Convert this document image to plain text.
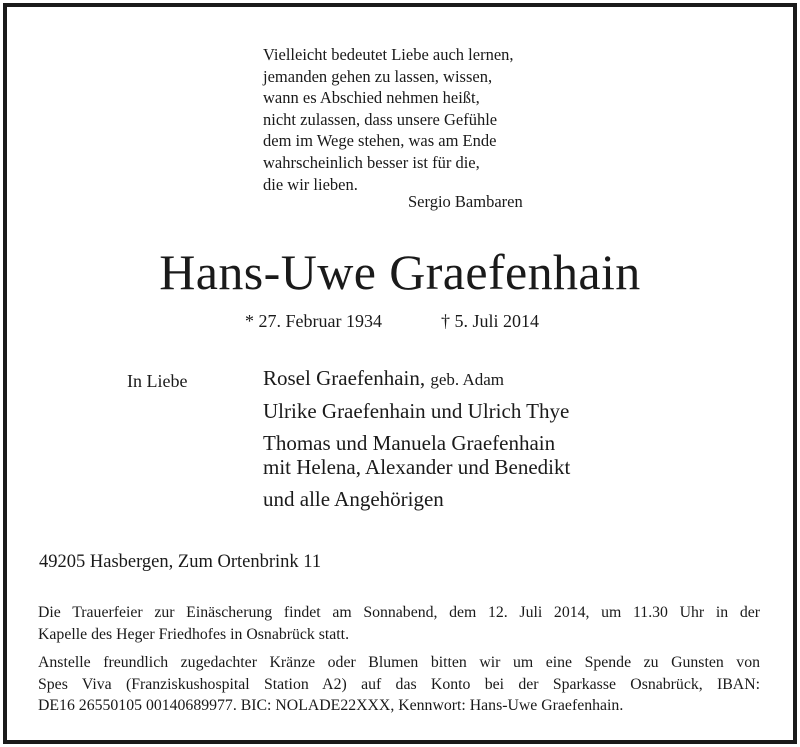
Vielleicht bedeutet Liebe auch lernen,
jemanden gehen zu lassen, wissen,
wann es Abschied nehmen heißt,
nicht zulassen, dass unsere Gefühle
dem im Wege stehen, was am Ende
wahrscheinlich besser ist für die,
die wir lieben.
Sergio Bambaren
Hans-Uwe Graefenhain
* 27. Februar 1934	† 5. Juli 2014
In Liebe	Rosel Graefenhain, geb. Adam
Ulrike Graefenhain und Ulrich Thye
Thomas und Manuela Graefenhain
mit Helena, Alexander und Benedikt
und alle Angehörigen
49205 Hasbergen, Zum Ortenbrink 11
Die Trauerfeier zur Einäscherung findet am Sonnabend, dem 12. Juli 2014, um 11.30 Uhr in der
Kapelle des Heger Friedhofes in Osnabrück statt.
Anstelle freundlich zugedachter Kränze oder Blumen bitten wir um eine Spende zu Gunsten von
Spes Viva (Franziskushospital Station A2) auf das Konto bei der Sparkasse Osnabrück, IBAN:
DE16 26550105 00140689977. BIC: NOLADE22XXX, Kennwort: Hans-Uwe Graefenhain.
